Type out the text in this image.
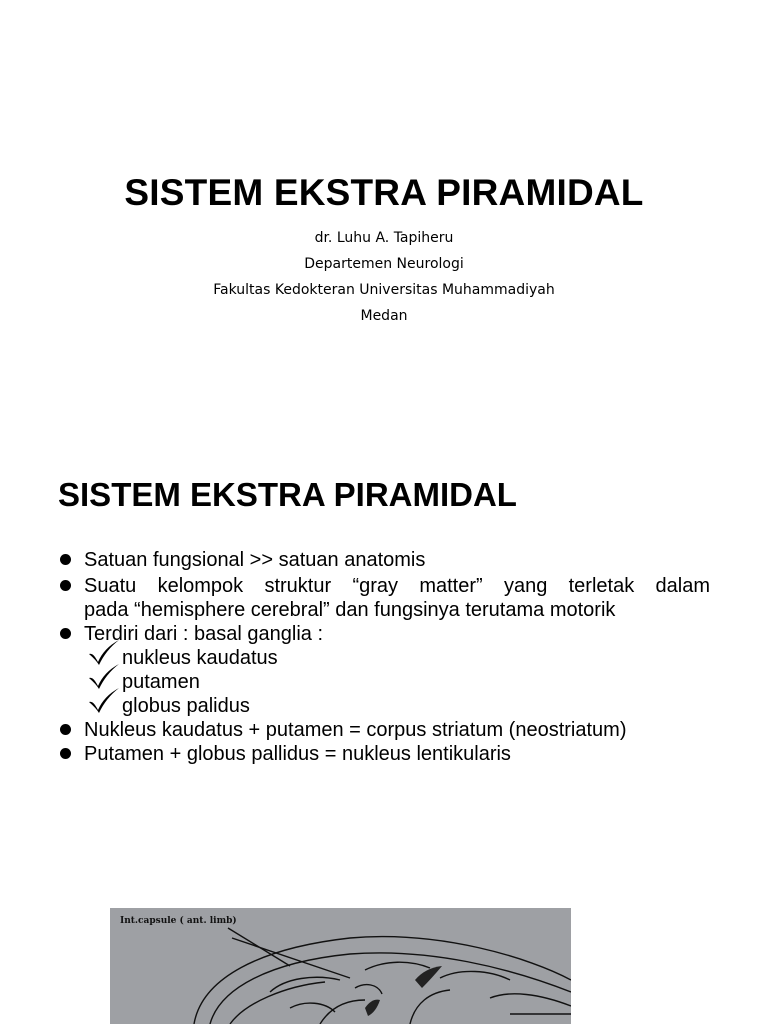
SISTEM EKSTRA PIRAMIDAL
dr. Luhu A. Tapiheru
Departemen Neurologi
Fakultas Kedokteran Universitas Muhammadiyah
Medan
SISTEM EKSTRA PIRAMIDAL
Satuan fungsional >> satuan anatomis
Suatu kelompok struktur “gray matter” yang terletak dalam
pada “hemisphere cerebral” dan fungsinya terutama motorik
Terdiri dari : basal ganglia :
Nukleus kaudatus + putamen = corpus striatum (neostriatum)
Putamen + globus pallidus = nukleus lentikularis
nukleus kaudatus
putamen
globus palidus
Int.capsule ( ant. limb)
